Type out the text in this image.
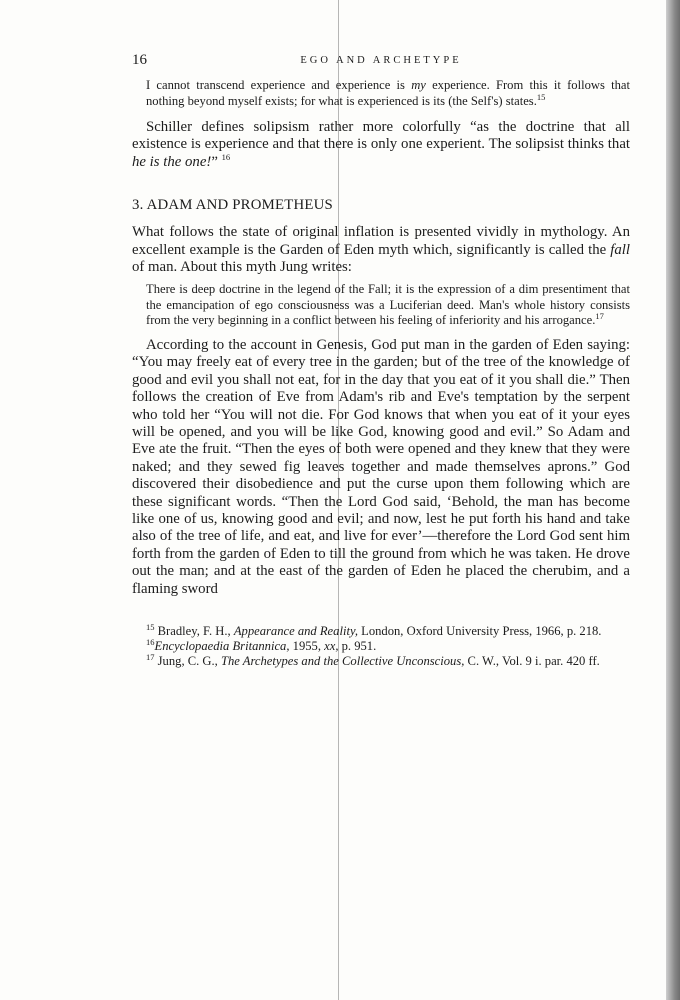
16	EGO AND ARCHETYPE

I cannot transcend experience and experience is my experience. From this it follows that nothing beyond myself exists; for what is experienced is its (the Self's) states.$^{15}$

Schiller defines solipsism rather more colorfully “as the doctrine that all existence is experience and that there is only one experient. The solipsist thinks that he is the one!” $^{16}$

3. ADAM AND PROMETHEUS

What follows the state of original inflation is presented vividly in mythology. An excellent example is the Garden of Eden myth which, significantly is called the fall of man. About this myth Jung writes:

There is deep doctrine in the legend of the Fall; it is the expression of a dim presentiment that the emancipation of ego consciousness was a Luciferian deed. Man's whole history consists from the very beginning in a conflict between his feeling of inferiority and his arrogance.$^{17}$

According to the account in Genesis, God put man in the garden of Eden saying: “You may freely eat of every tree in the garden; but of the tree of the knowledge of good and evil you shall not eat, for in the day that you eat of it you shall die.” Then follows the creation of Eve from Adam's rib and Eve's temptation by the serpent who told her “You will not die. For God knows that when you eat of it your eyes will be opened, and you will be like God, knowing good and evil.” So Adam and Eve ate the fruit. “Then the eyes of both were opened and they knew that they were naked; and they sewed fig leaves together and made themselves aprons.” God discovered their disobedience and put the curse upon them following which are these significant words. “Then the Lord God said, ‘Behold, the man has become like one of us, knowing good and evil; and now, lest he put forth his hand and take also of the tree of life, and eat, and live for ever’—therefore the Lord God sent him forth from the garden of Eden to till the ground from which he was taken. He drove out the man; and at the east of the garden of Eden he placed the cherubim, and a flaming sword

$^{15}$ Bradley, F. H., Appearance and Reality, London, Oxford University Press, 1966, p. 218.

$^{16}$Encyclopaedia Britannica, 1955, xx, p. 951.

$^{17}$ Jung, C. G., The Archetypes and the Collective Unconscious, C. W., Vol. 9 i. par. 420 ff.
